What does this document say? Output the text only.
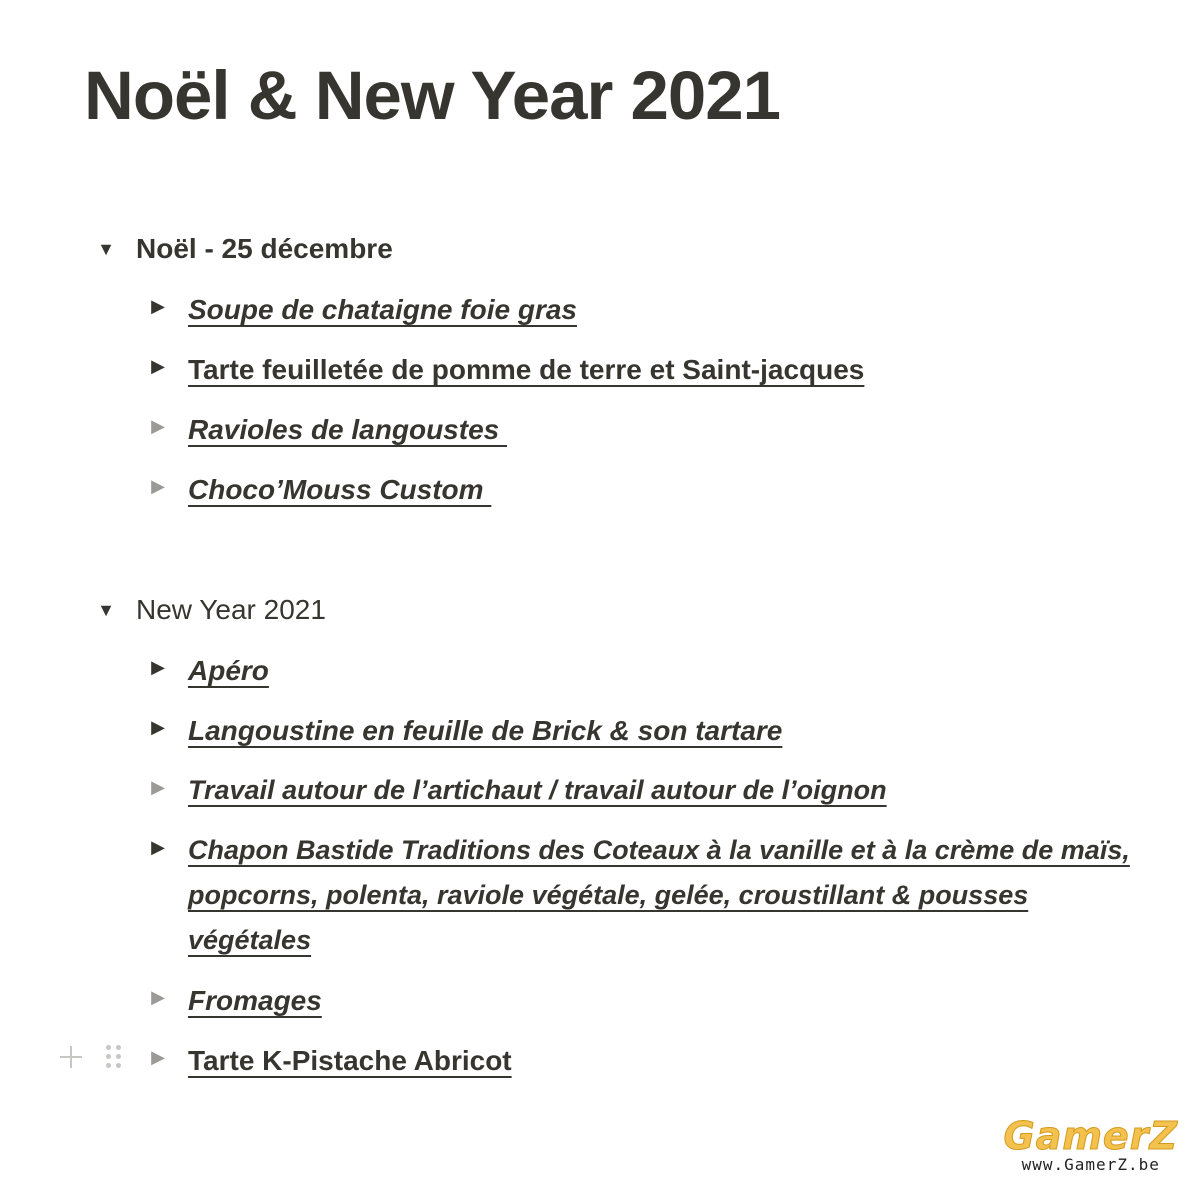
Noël & New Year 2021
▼ Noël - 25 décembre
▶ Soupe de chataigne foie gras
▶ Tarte feuilletée de pomme de terre et Saint-jacques
▶ Ravioles de langoustes
▶ Choco’Mouss Custom
▼ New Year 2021
▶ Apéro
▶ Langoustine en feuille de Brick & son tartare
▶ Travail autour de l’artichaut / travail autour de l’oignon
▶ Chapon Bastide Traditions des Coteaux à la vanille et à la crème de maïs, popcorns, polenta, raviole végétale, gelée, croustillant & pousses végétales
▶ Fromages
▶ Tarte K-Pistache Abricot
GamerZ
www.GamerZ.be
